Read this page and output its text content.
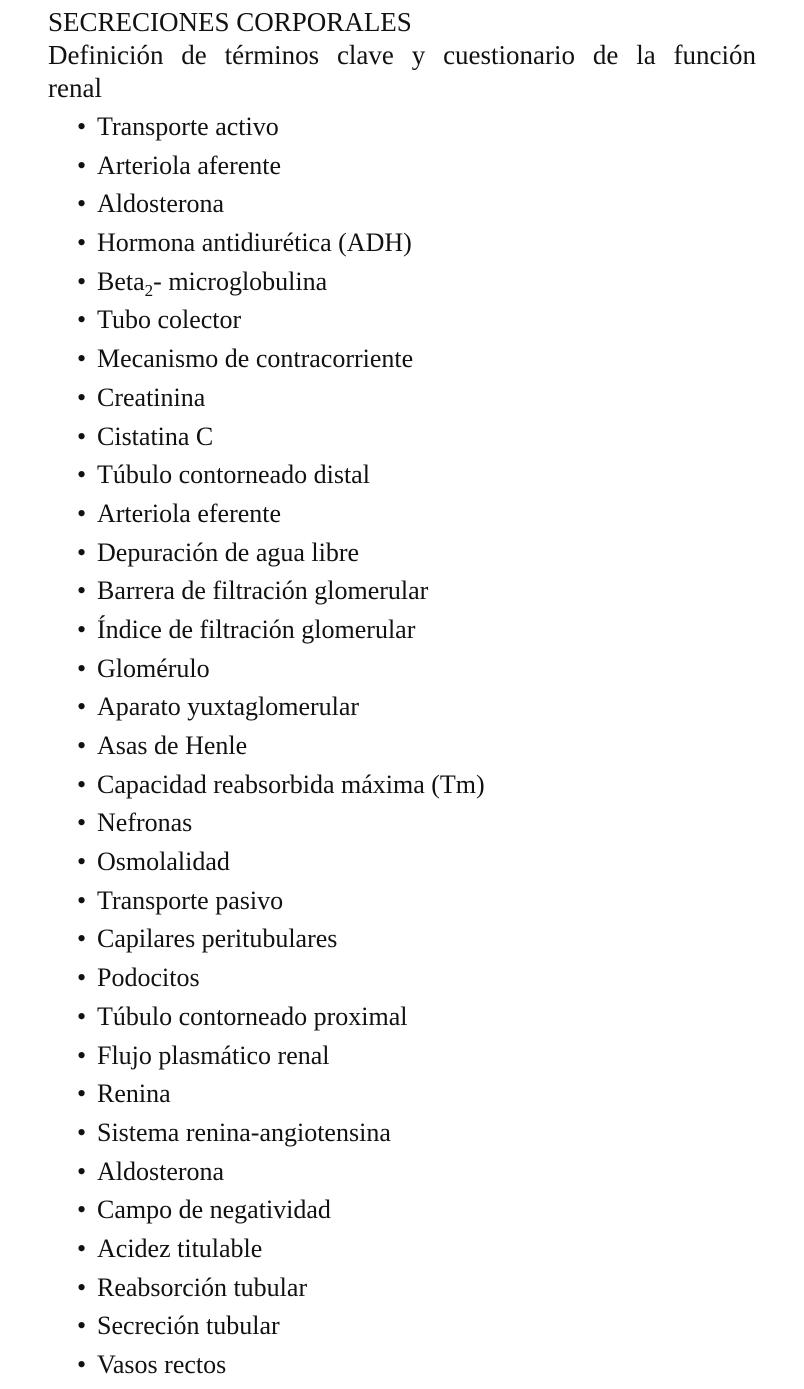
SECRECIONES CORPORALES

Definición de términos clave y cuestionario de la función renal

• Transporte activo
• Arteriola aferente
• Aldosterona
• Hormona antidiurética (ADH)
• Beta$_2$- microglobulina
• Tubo colector
• Mecanismo de contracorriente
• Creatinina
• Cistatina C
• Túbulo contorneado distal
• Arteriola eferente
• Depuración de agua libre
• Barrera de filtración glomerular
• Índice de filtración glomerular
• Glomérulo
• Aparato yuxtaglomerular
• Asas de Henle
• Capacidad reabsorbida máxima (Tm)
• Nefronas
• Osmolalidad
• Transporte pasivo
• Capilares peritubulares
• Podocitos
• Túbulo contorneado proximal
• Flujo plasmático renal
• Renina
• Sistema renina-angiotensina
• Aldosterona
• Campo de negatividad
• Acidez titulable
• Reabsorción tubular
• Secreción tubular
• Vasos rectos
